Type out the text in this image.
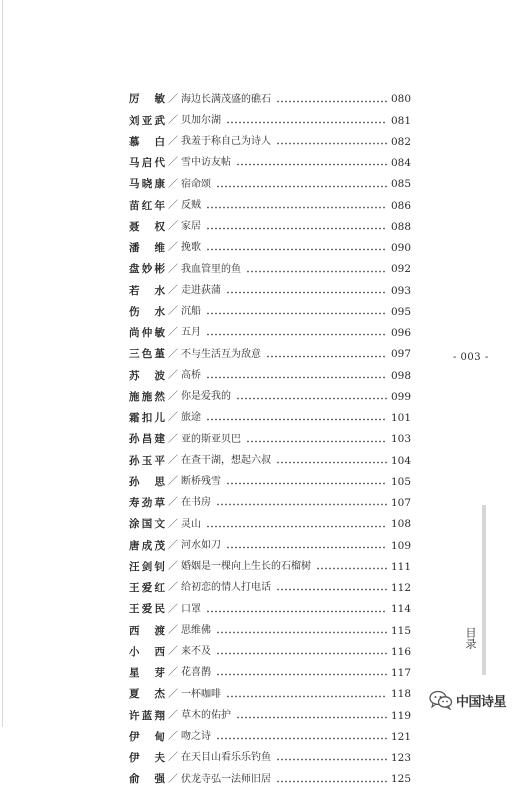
厉　敏 ／ 海边长满茂盛的礁石	080
刘亚武 ／ 贝加尔湖	081
慕　白 ／ 我羞于称自己为诗人	082
马启代 ／ 雪中访友帖	084
马晓康 ／ 宿命颂	085
苗红年 ／ 反贼	086
聂　权 ／ 家居	088
潘　维 ／ 挽歌	090
盘妙彬 ／ 我血管里的鱼	092
若　水 ／ 走进荻蒲	093
伤　水 ／ 沉船	095
尚仲敏 ／ 五月	096
三色堇 ／ 不与生活互为敌意	097
苏　波 ／ 高桥	098
施施然 ／ 你是爱我的	099
霜扣儿 ／ 旅途	101
孙昌建 ／ 亚的斯亚贝巴	103
孙玉平 ／ 在查干湖，想起六叔	104
孙　思 ／ 断桥残雪	105
寿劲草 ／ 在书房	107
涂国文 ／ 灵山	108
唐成茂 ／ 河水如刀	109
汪剑钊 ／ 婚姻是一棵向上生长的石榴树	111
王爱红 ／ 给初恋的情人打电话	112
王爱民 ／ 口罩	114
西　渡 ／ 思维佛	115
小　西 ／ 来不及	116
星　芽 ／ 花喜鹊	117
夏　杰 ／ 一杯咖啡	118
许蓝翔 ／ 草木的佑护	119
伊　甸 ／ 吻之诗	121
伊　夫 ／ 在天目山看乐乐钓鱼	123
俞　强 ／ 伏龙寺弘一法师旧居	125
- 003 -
目录
中国诗星
